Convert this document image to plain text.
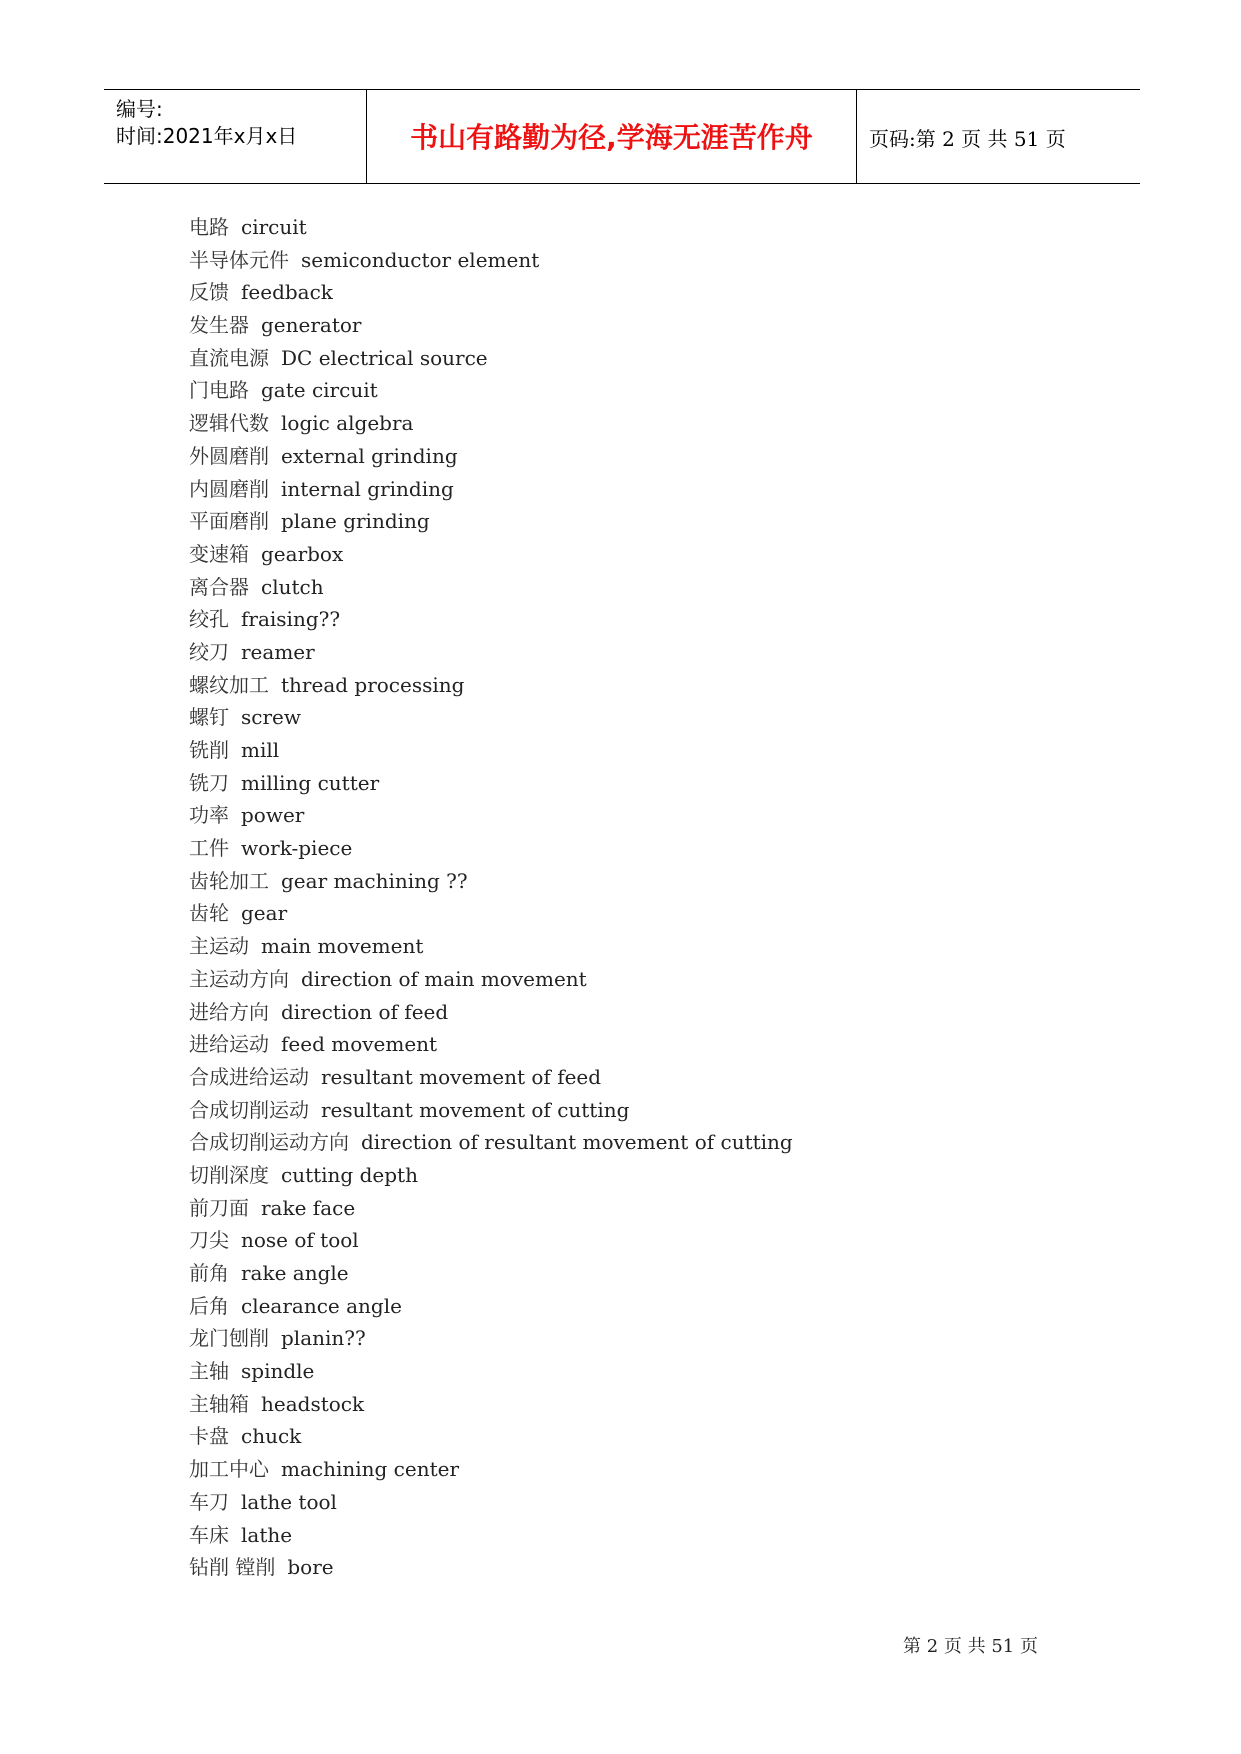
编号:
时间:2021年x月x日	书山有路勤为径,学海无涯苦作舟	页码:第 2 页 共 51 页
电路 circuit
半导体元件 semiconductor element
反馈 feedback
发生器 generator
直流电源 DC electrical source
门电路 gate circuit
逻辑代数 logic algebra
外圆磨削 external grinding
内圆磨削 internal grinding
平面磨削 plane grinding
变速箱 gearbox
离合器 clutch
绞孔 fraising??
绞刀 reamer
螺纹加工 thread processing
螺钉 screw
铣削 mill
铣刀 milling cutter
功率 power
工件 work-piece
齿轮加工 gear machining ??
齿轮 gear
主运动 main movement
主运动方向 direction of main movement
进给方向 direction of feed
进给运动 feed movement
合成进给运动 resultant movement of feed
合成切削运动 resultant movement of cutting
合成切削运动方向 direction of resultant movement of cutting
切削深度 cutting depth
前刀面 rake face
刀尖 nose of tool
前角 rake angle
后角 clearance angle
龙门刨削 planin??
主轴 spindle
主轴箱 headstock
卡盘 chuck
加工中心 machining center
车刀 lathe tool
车床 lathe
钻削 镗削 bore
第 2 页 共 51 页
